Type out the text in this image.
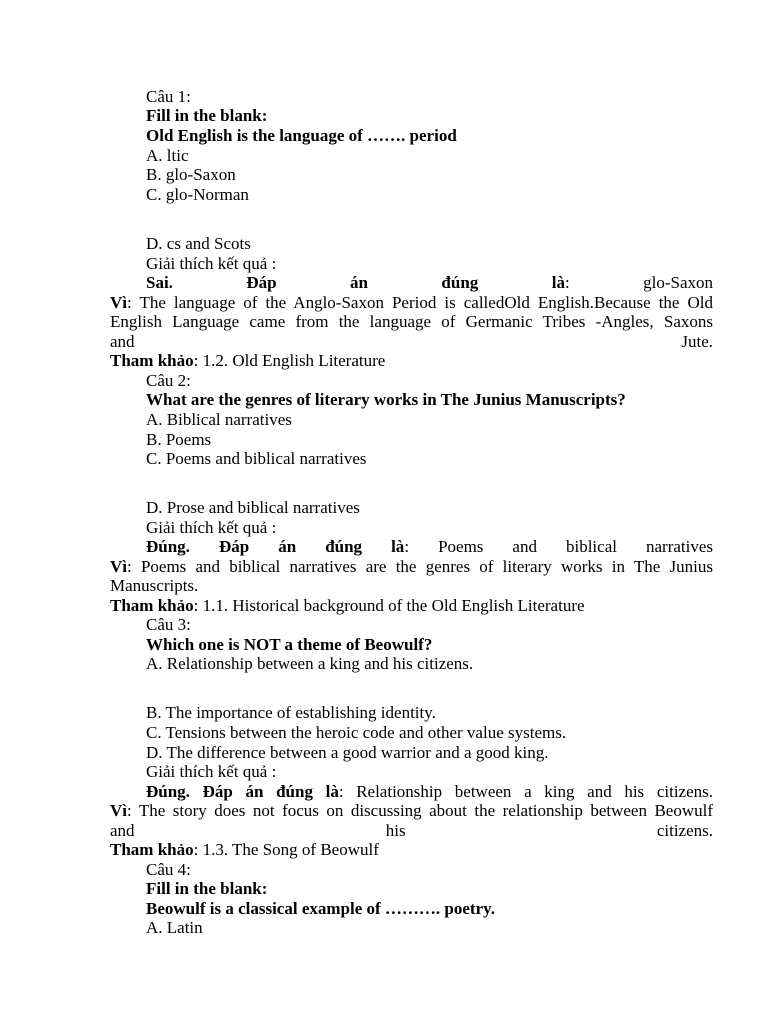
Câu 1:
Fill in the blank:
Old English is the language of ……. period
A. ltic
B. glo-Saxon
C. glo-Norman
D. cs and Scots
Giải thích kết quả :
Sai.	Đáp án đúng là: glo-Saxon
Vì: The language of the Anglo-Saxon Period is calledOld English.Because the Old
English Language came from the language of Germanic Tribes -Angles, Saxons
and Jute.
Tham khảo: 1.2. Old English Literature
Câu 2:
What are the genres of literary works in The Junius Manuscripts?
A. Biblical narratives
B. Poems
C. Poems and biblical narratives
D. Prose and biblical narratives
Giải thích kết quả :
Đúng. Đáp án đúng là: Poems and biblical narratives
Vì: Poems and biblical narratives are the genres of literary works in The Junius
Manuscripts.
Tham khảo: 1.1. Historical background of the Old English Literature
Câu 3:
Which one is NOT a theme of Beowulf?
A. Relationship between a king and his citizens.
B. The importance of establishing identity.
C. Tensions between the heroic code and other value systems.
D. The difference between a good warrior and a good king.
Giải thích kết quả :
Đúng. Đáp án đúng là: Relationship between a king and his citizens.
Vì: The story does not focus on discussing about the relationship between Beowulf
and his citizens.
Tham khảo: 1.3. The Song of Beowulf
Câu 4:
Fill in the blank:
Beowulf is a classical example of ………. poetry.
A. Latin
